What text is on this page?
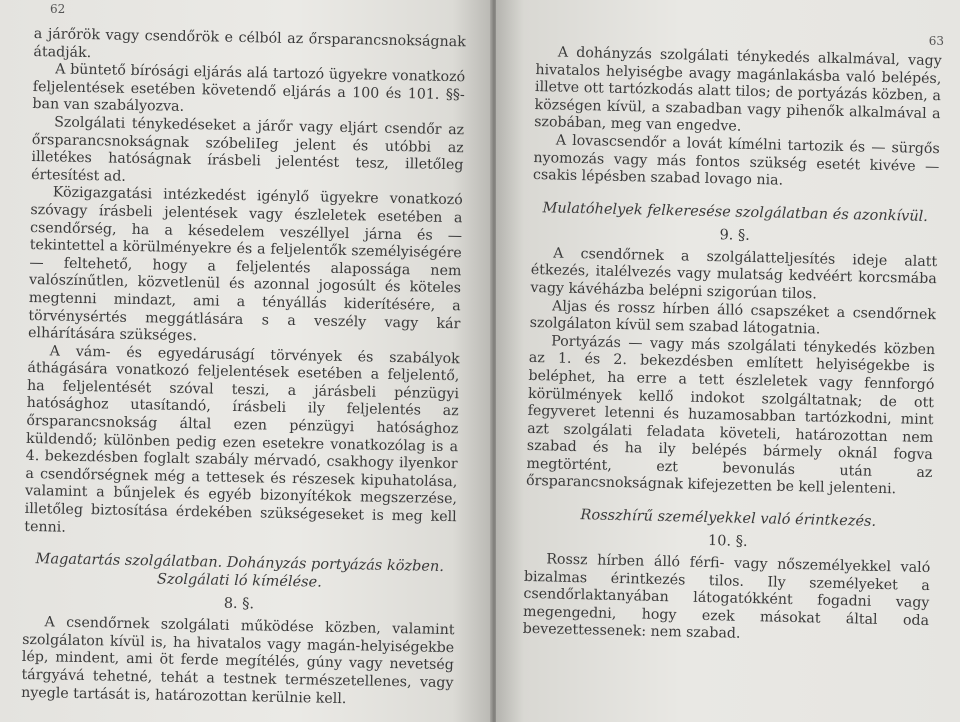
62

a járőrök vagy csendőrök e célból az őrsparancsnokságnak átadják.

A büntető bírósági eljárás alá tartozó ügyekre vonatkozó feljelentések esetében követendő eljárás a 100 és 101. §§-ban van szabályozva.

Szolgálati ténykedéseket a járőr vagy eljárt csendőr az őrsparancsnokságnak szóbeliIeg jelent és utóbbi az illetékes hatóságnak írásbeli jelentést tesz, illetőleg értesítést ad.

Közigazgatási intézkedést igénylő ügyekre vonatkozó szóvagy írásbeli jelentések vagy észleletek esetében a csendőrség, ha a késedelem veszéllyel járna és — tekintettel a körülményekre és a feljelentők személyiségére — feltehető, hogy a feljelentés alapossága nem valószínűtlen, közvetlenül és azonnal jogosúlt és köteles megtenni mindazt, ami a tényállás kiderítésére, a törvénysértés meggátlására s a veszély vagy kár elhárítására szükséges.

A vám- és egyedáruságí törvények és szabályok áthágására vonatkozó feljelentések esetében a feljelentő, ha feljelentését szóval teszi, a járásbeli pénzügyi hatósághoz utasítandó, írásbeli ily feljelentés az őrsparancsnokság által ezen pénzügyi hatósághoz küldendő; különben pedig ezen esetekre vonatkozólag is a 4. bekezdésben foglalt szabály mérvadó, csakhogy ilyenkor a csendőrségnek még a tettesek és részesek kipuhatolása, valamint a bűnjelek és egyéb bizonyítékok megszerzése, illetőleg biztosítása érdekében szükségeseket is meg kell tenni.

Magatartás szolgálatban. Dohányzás portyázás közben. Szolgálati ló kímélése.

8. §.

A csendőrnek szolgálati működése közben, valamint szolgálaton kívül is, ha hivatalos vagy magán-helyiségekbe lép, mindent, ami öt ferde megítélés, gúny vagy nevetség tárgyává tehetné, tehát a testnek természetellenes, vagy nyegle tartását is, határozottan kerülnie kell.

63

A dohányzás szolgálati ténykedés alkalmával, vagy hivatalos helyiségbe avagy magánlakásba való belépés, illetve ott tartózkodás alatt tilos; de portyázás közben, a községen kívül, a szabadban vagy pihenők alkalmával a szobában, meg van engedve.

A lovascsendőr a lovát kímélni tartozik és — sürgős nyomozás vagy más fontos szükség esetét kivéve — csakis lépésben szabad lovago nia.

Mulatóhelyek felkeresése szolgálatban és azonkívül.

9. §.

A csendőrnek a szolgálatteljesítés ideje alatt étkezés, italélvezés vagy mulatság kedvéért korcsmába vagy kávéházba belépni szigorúan tilos.

Aljas és rossz hírben álló csapszéket a csendőrnek szolgálaton kívül sem szabad látogatnia.

Portyázás — vagy más szolgálati ténykedés közben az 1. és 2. bekezdésben említett helyiségekbe is beléphet, ha erre a tett észleletek vagy fennforgó körülmények kellő indokot szolgáltatnak; de ott fegyveret letenni és huzamosabban tartózkodni, mint azt szolgálati feladata követeli, határozottan nem szabad és ha ily belépés bármely oknál fogva megtörtént, ezt bevonulás után az őrsparancsnokságnak kifejezetten be kell jelenteni.

Rosszhírű személyekkel való érintkezés.

10. §.

Rossz hírben álló férfi- vagy nőszemélyekkel való bizalmas érintkezés tilos. Ily személyeket a csendőrlaktanyában látogatókként fogadni vagy megengedni, hogy ezek másokat által oda bevezettessenek: nem szabad.
